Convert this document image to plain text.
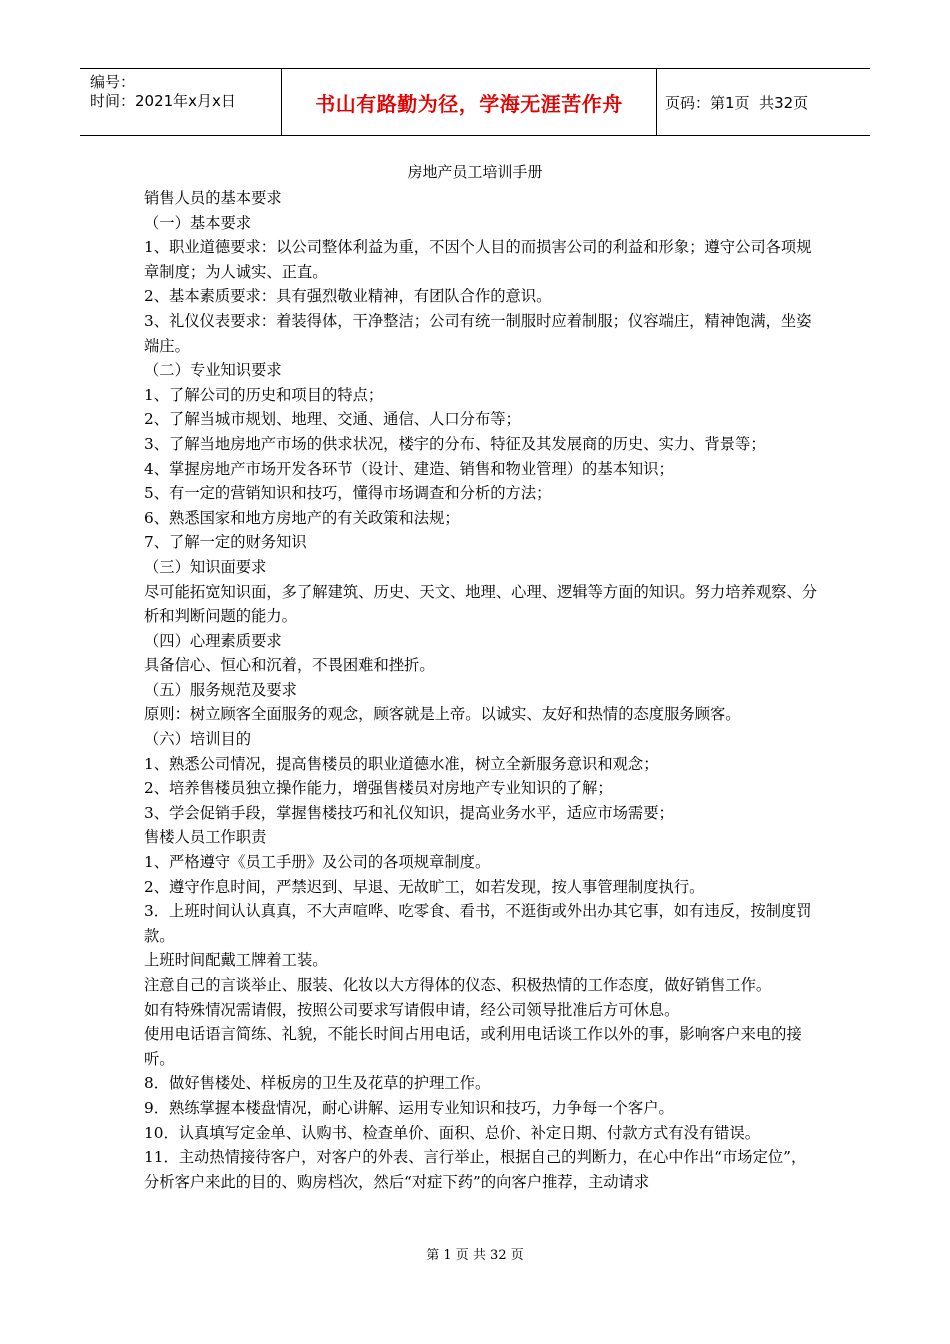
编号：
时间：2021年x月x日	书山有路勤为径，学海无涯苦作舟	页码：第1页  共32页
房地产员工培训手册

销售人员的基本要求

（一）基本要求

1、职业道德要求：以公司整体利益为重，不因个人目的而损害公司的利益和形象；遵守公司各项规章制度；为人诚实、正直。

2、基本素质要求：具有强烈敬业精神，有团队合作的意识。

3、礼仪仪表要求：着装得体，干净整洁；公司有统一制服时应着制服；仪容端庄，精神饱满，坐姿端庄。

（二）专业知识要求

1、了解公司的历史和项目的特点；

2、了解当城市规划、地理、交通、通信、人口分布等；

3、了解当地房地产市场的供求状况，楼宇的分布、特征及其发展商的历史、实力、背景等；

4、掌握房地产市场开发各环节（设计、建造、销售和物业管理）的基本知识；

5、有一定的营销知识和技巧，懂得市场调查和分析的方法；

6、熟悉国家和地方房地产的有关政策和法规；

7、了解一定的财务知识

（三）知识面要求

尽可能拓宽知识面，多了解建筑、历史、天文、地理、心理、逻辑等方面的知识。努力培养观察、分析和判断问题的能力。

（四）心理素质要求

具备信心、恒心和沉着，不畏困难和挫折。

（五）服务规范及要求

原则：树立顾客全面服务的观念，顾客就是上帝。以诚实、友好和热情的态度服务顾客。

（六）培训目的

1、熟悉公司情况，提高售楼员的职业道德水准，树立全新服务意识和观念；

2、培养售楼员独立操作能力，增强售楼员对房地产专业知识的了解；

3、学会促销手段，掌握售楼技巧和礼仪知识，提高业务水平，适应市场需要；

售楼人员工作职责

1、严格遵守《员工手册》及公司的各项规章制度。

2、遵守作息时间，严禁迟到、早退、无故旷工，如若发现，按人事管理制度执行。

3．上班时间认认真真，不大声喧哗、吃零食、看书，不逛街或外出办其它事，如有违反，按制度罚款。

上班时间配戴工牌着工装。

注意自己的言谈举止、服装、化妆以大方得体的仪态、积极热情的工作态度，做好销售工作。

如有特殊情况需请假，按照公司要求写请假申请，经公司领导批准后方可休息。

使用电话语言简练、礼貌，不能长时间占用电话，或利用电话谈工作以外的事，影响客户来电的接听。

8．做好售楼处、样板房的卫生及花草的护理工作。

9．熟练掌握本楼盘情况，耐心讲解、运用专业知识和技巧，力争每一个客户。

10．认真填写定金单、认购书、检查单价、面积、总价、补定日期、付款方式有没有错误。

11．主动热情接待客户，对客户的外表、言行举止，根据自己的判断力，在心中作出“市场定位”，分析客户来此的目的、购房档次，然后“对症下药”的向客户推荐，主动请求

第 1 页 共 32 页
